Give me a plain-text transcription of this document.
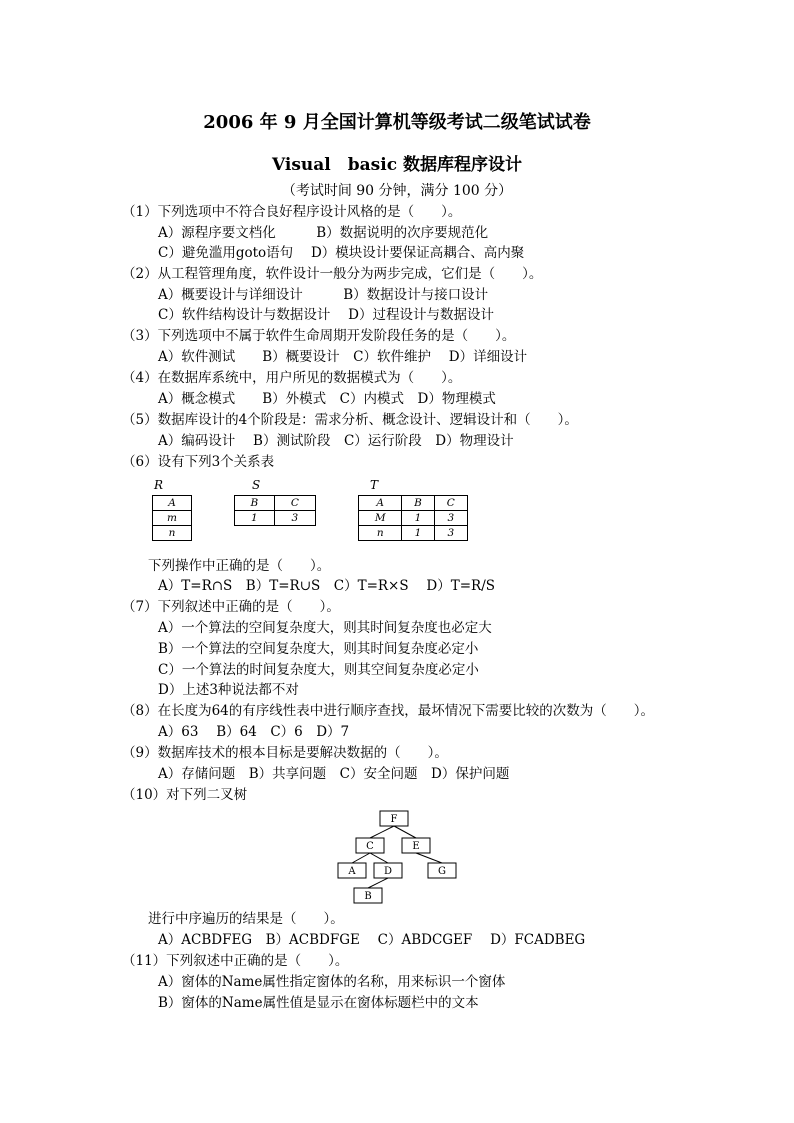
2006 年 9 月全国计算机等级考试二级笔试试卷
Visual　basic 数据库程序设计
（考试时间 90 分钟，满分 100 分）
（1）下列选项中不符合良好程序设计风格的是（　　）。
A）源程序要文档化　　　B）数据说明的次序要规范化
C）避免滥用goto语句　 D）模块设计要保证高耦合、高内聚
（2）从工程管理角度，软件设计一般分为两步完成，它们是（　　）。
A）概要设计与详细设计　　　B）数据设计与接口设计
C）软件结构设计与数据设计　 D）过程设计与数据设计
（3）下列选项中不属于软件生命周期开发阶段任务的是（　　）。
A）软件测试　　B）概要设计　C）软件维护　 D）详细设计
（4）在数据库系统中，用户所见的数据模式为（　　）。
A）概念模式　　B）外模式　C）内模式　D）物理模式
（5）数据库设计的4个阶段是：需求分析、概念设计、逻辑设计和（　　）。
A）编码设计　 B）测试阶段　C）运行阶段　D）物理设计
（6）设有下列3个关系表
R
A
m
n
S
B	C
1	3
T
A	B	C
M	1	3
n	1	3
下列操作中正确的是（　　）。
A）T=R∩S　B）T=R∪S　C）T=R×S　 D）T=R/S
（7）下列叙述中正确的是（　　）。
A）一个算法的空间复杂度大，则其时间复杂度也必定大
B）一个算法的空间复杂度大，则其时间复杂度必定小
C）一个算法的时间复杂度大，则其空间复杂度必定小
D）上述3种说法都不对
（8）在长度为64的有序线性表中进行顺序查找，最坏情况下需要比较的次数为（　　）。
A）63　 B）64　C）6　D）7
（9）数据库技术的根本目标是要解决数据的（　　）。
A）存储问题　B）共享问题　C）安全问题　D）保护问题
（10）对下列二叉树
F
C	E
A	D	G
B
进行中序遍历的结果是（　　）。
A）ACBDFEG　B）ACBDFGE　 C）ABDCGEF　 D）FCADBEG
（11）下列叙述中正确的是（　　）。
A）窗体的Name属性指定窗体的名称，用来标识一个窗体
B）窗体的Name属性值是显示在窗体标题栏中的文本
